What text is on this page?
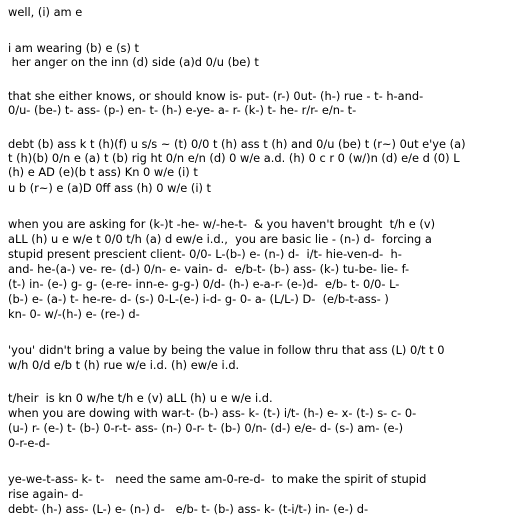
well, (i) am e
i am wearing (b) e (s) t
her anger on the inn (d) side (a)d 0/u (be) t
that she either knows, or should know is- put- (r-) 0ut- (h-) rue - t- h-and-
0/u- (be-) t- ass- (p-) en- t- (h-) e-ye- a- r- (k-) t- he- r/r- e/n- t-
debt (b) ass k t (h)(f) u s/s ~ (t) 0/0 t (h) ass t (h) and 0/u (be) t (r~) 0ut e'ye (a)
t (h)(b) 0/n e (a) t (b) rig ht 0/n e/n (d) 0 w/e a.d. (h) 0 c r 0 (w/)n (d) e/e d (0) L
(h) e AD (e)(b t ass) Kn 0 w/e (i) t
u b (r~) e (a)D 0ff ass (h) 0 w/e (i) t
when you are asking for (k-)t -he- w/-he-t-  & you haven't brought  t/h e (v)
aLL (h) u e w/e t 0/0 t/h (a) d ew/e i.d.,  you are basic lie - (n-) d-  forcing a
stupid present prescient client- 0/0- L-(b-) e- (n-) d-  i/t- hie-ven-d-  h-
and- he-(a-) ve- re- (d-) 0/n- e- vain- d-  e/b-t- (b-) ass- (k-) tu-be- lie- f-
(t-) in- (e-) g- g- (e-re- inn-e- g-g-) 0/d- (h-) e-a-r- (e-)d-  e/b- t- 0/0- L-
(b-) e- (a-) t- he-re- d- (s-) 0-L-(e-) i-d- g- 0- a- (L/L-) D-  (e/b-t-ass- )
kn- 0- w/-(h-) e- (re-) d-
'you' didn't bring a value by being the value in follow thru that ass (L) 0/t t 0
w/h 0/d e/b t (h) rue w/e i.d. (h) ew/e i.d.
t/heir  is kn 0 w/he t/h e (v) aLL (h) u e w/e i.d.
when you are dowing with war-t- (b-) ass- k- (t-) i/t- (h-) e- x- (t-) s- c- 0-
(u-) r- (e-) t- (b-) 0-r-t- ass- (n-) 0-r- t- (b-) 0/n- (d-) e/e- d- (s-) am- (e-)
0-r-e-d-
ye-we-t-ass- k- t-   need the same am-0-re-d-  to make the spirit of stupid
rise again- d-
debt- (h-) ass- (L-) e- (n-) d-   e/b- t- (b-) ass- k- (t-i/t-) in- (e-) d-
